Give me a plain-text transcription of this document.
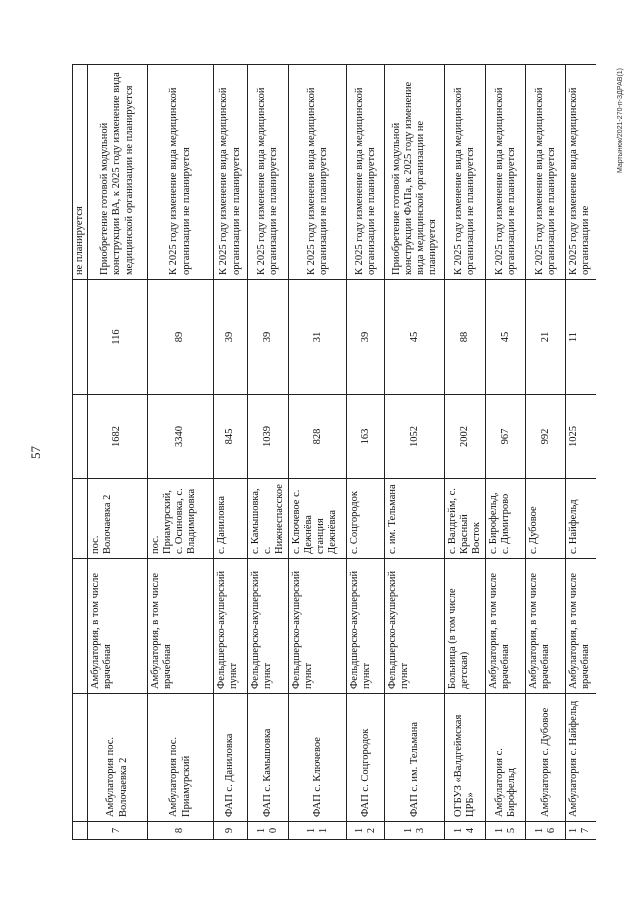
57
						не планируется
7	Амбулатория пос. Волочаевка 2	Амбулатория, в том числе врачебная	пос. Волочаевка 2	1682	116	Приобретение готовой модульной конструкции ВА, к 2025 году изменение вида медицинской организации не планируется
8	Амбулатория пос. Приамурский	Амбулатория, в том числе врачебная	пос. Приамурский, с. Осиновка, с. Владимировка	3340	89	К 2025 году изменение вида медицинской организации не планируется
9	ФАП с. Даниловка	Фельдшерско-акушерский пункт	с. Даниловка	845	39	К 2025 году изменение вида медицинской организации не планируется
10	ФАП с. Камышовка	Фельдшерско-акушерский пункт	с. Камышовка, с. Нижнеспасское	1039	39	К 2025 году изменение вида медицинской организации не планируется
11	ФАП с. Ключевое	Фельдшерско-акушерский пункт	с. Ключевое с. Дежнёва станция Дежнёвка	828	31	К 2025 году изменение вида медицинской организации не планируется
12	ФАП с. Соцгородок	Фельдшерско-акушерский пункт	с. Соцгородок	163	39	К 2025 году изменение вида медицинской организации не планируется
13	ФАП с. им. Тельмана	Фельдшерско-акушерский пункт	с. им. Тельмана	1052	45	Приобретение готовой модульной конструкции ФАПа, к 2025 году изменение вида медицинской организации не планируется
14	ОГБУЗ «Валдгеймская ЦРБ»	Больница (в том числе детская)	с. Валдгейм, с. Красный Восток	2002	88	К 2025 году изменение вида медицинской организации не планируется
15	Амбулатория с. Бирофельд	Амбулатория, в том числе врачебная	с. Бирофельд, с. Димитрово	967	45	К 2025 году изменение вида медицинской организации не планируется
16	Амбулатория с. Дубовое	Амбулатория, в том числе врачебная	с. Дубовое	992	21	К 2025 году изменение вида медицинской организации не планируется
17	Амбулатория с. Найфельд	Амбулатория, в том числе врачебная	с. Найфельд	1025	11	К 2025 году изменение вида медицинской организации не
Мартынюк/2021-270-п-ЗДРАВ(1)
